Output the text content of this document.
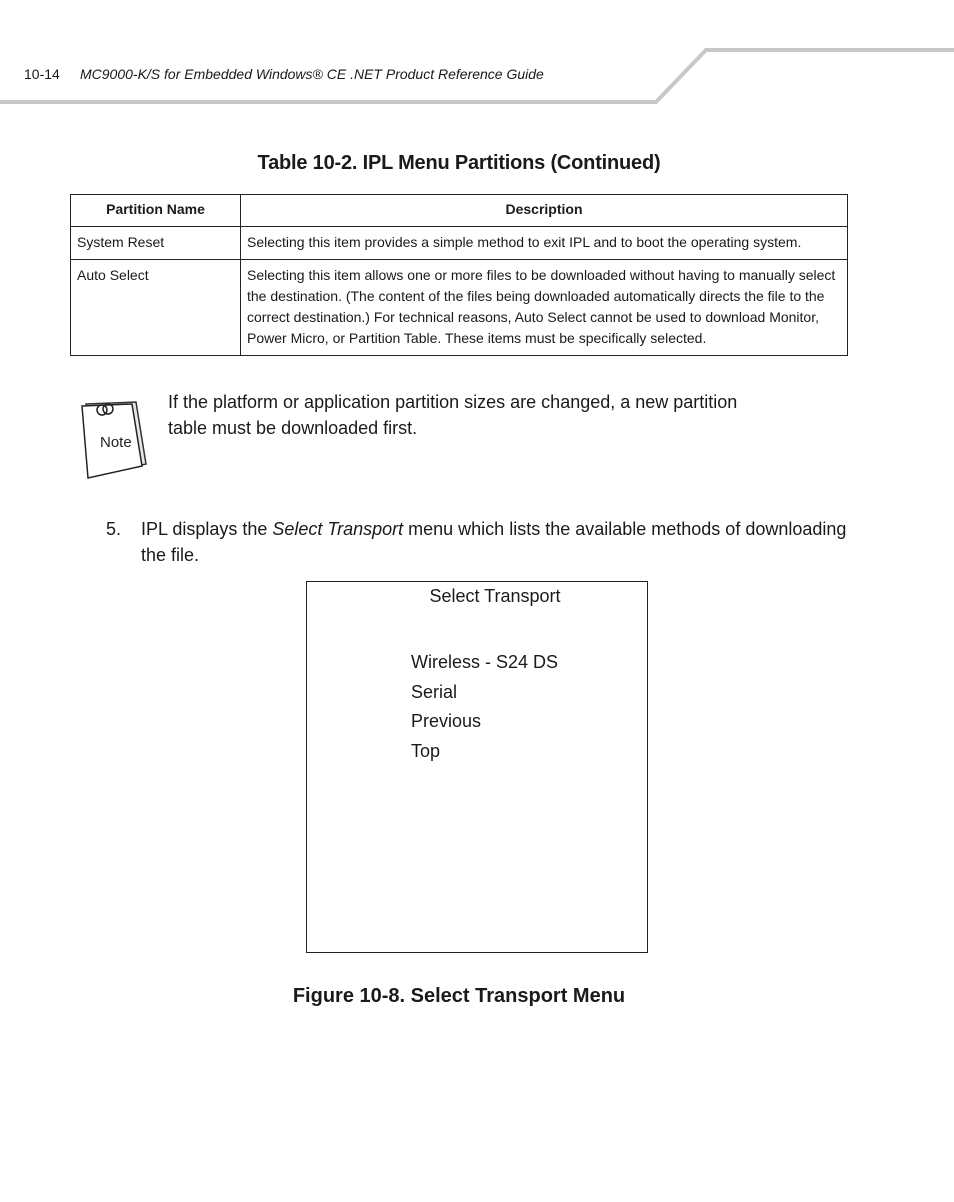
10-14 MC9000-K/S for Embedded Windows® CE .NET Product Reference Guide
Table 10-2. IPL Menu Partitions (Continued)
Partition Name	Description
System Reset	Selecting this item provides a simple method to exit IPL and to boot the operating system.
Auto Select	Selecting this item allows one or more files to be downloaded without having to manually select the destination. (The content of the files being downloaded automatically directs the file to the correct destination.) For technical reasons, Auto Select cannot be used to download Monitor, Power Micro, or Partition Table. These items must be specifically selected.
Note
If the platform or application partition sizes are changed, a new partition table must be downloaded first.
5. IPL displays the Select Transport menu which lists the available methods of downloading the file.
Select Transport
Wireless - S24 DS
Serial
Previous
Top
Figure 10-8. Select Transport Menu
